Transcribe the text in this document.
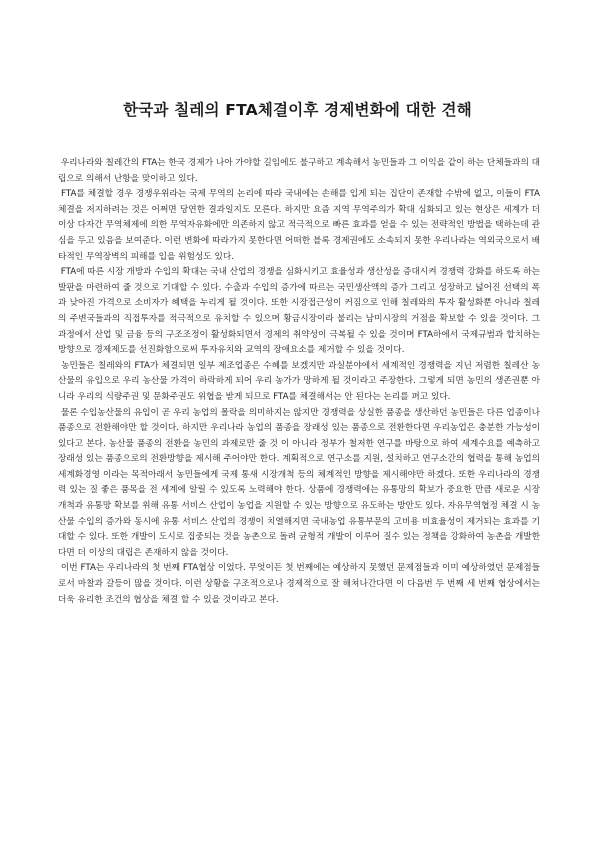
한국과 칠레의 FTA체결이후 경제변화에 대한 견해

우리나라와 칠레간의 FTA는 한국 경제가 나아 가야할 길임에도 불구하고 계속해서 농민들과 그 이익을 같이 하는 단체들과의 대립으로 의해서 난항을 맞이하고 있다.

FTA를 체결할 경우 경쟁우위라는 국제 무역의 논리에 따라 국내에는 손해를 입게 되는 집단이 존재할 수밖에 없고, 이들이 FTA체결을 저지하려는 것은 어쩌면 당연한 결과일지도 모른다. 하지만 요즘 지역 무역주의가 확대 심화되고 있는 현상은 세계가 더 이상 다자간 무역체제에 의한 무역자유화에만 의존하지 않고 적극적으로 빠른 효과를 얻을 수 있는 전략적인 방법을 택하는데 관심을 두고 있음을 보여준다. 이런 변화에 따라가지 못한다면 어떠한 블록 경제권에도 소속되지 못한 우리나라는 역외국으로서 배타적인 무역장벽의 피해를 입을 위험성도 있다.

FTA에 따른 시장 개방과 수입의 확대는 국내 산업의 경쟁을 심화시키고 효율성과 생산성을 증대시켜 경쟁력 강화를 하도록 하는 발판을 마련하여 줄 것으로 기대할 수 있다. 수출과 수입의 증가에 따르는 국민생산액의 증가 그리고 성장하고 넓어진 선택의 폭과 낮아진 가격으로 소비자가 혜택을 누리게 될 것이다. 또한 시장접근성이 커짐으로 인해 칠레와의 투자 활성화뿐 아니라 칠레의 주변국들과의 직접투자를 적극적으로 유치할 수 있으며 황금시장이라 불리는 남미시장의 거점을 확보할 수 있을 것이다. 그 과정에서 산업 및 금융 등의 구조조정이 활성화되면서 경제의 취약성이 극복될 수 있을 것이며 FTA하에서 국제규범과 합치하는 방향으로 경제제도를 선진화함으로써 투자유치와 교역의 장애요소를 제거할 수 있을 것이다.

농민들은 칠레와의 FTA가 체결되면 일부 제조업종은 수혜를 보겠지만 과실분야에서 세계적인 경쟁력을 지닌 저렴한 칠레산 농산물의 유입으로 우리 농산물 가격이 하락하게 되어 우리 농가가 망하게 될 것이라고 주장한다. 그렇게 되면 농민의 생존권뿐 아니라 우리의 식량주권 및 문화주권도 위협을 받게 되므로 FTA를 체결해서는 안 된다는 논리를 펴고 있다.

물론 수입농산물의 유입이 곧 우리 농업의 몰락을 의미하지는 않지만 경쟁력을 상실한 품종을 생산하던 농민들은 다른 업종이나 품종으로 전환해야만 할 것이다. 하지만 우리나라 농업의 품종을 장래성 있는 품종으로 전환한다면 우리농업은 충분한 가능성이 있다고 본다. 농산물 품종의 전환을 농민의 과제로만 줄 것 이 아니라 정부가 철저한 연구를 바탕으로 하여 세계수요를 예측하고 장래성 있는 품종으로의 전환방향을 제시해 주어야만 한다. 계획적으로 연구소를 지원, 설치하고 연구소간의 협력을 통해 농업의 세계화경영 이라는 목적아래서 농민들에게 국제 통새 시장개척 등의 체계적인 방향을 제시해야만 하겠다. 또한 우리나라의 경쟁력 있는 질 좋은 품목을 전 세계에 알릴 수 있도록 노력해야 한다. 상품에 경쟁력에는 유통망의 확보가 중요한 만큼 새로운 시장 개척과 유통망 확보를 위해 유통 서비스 산업이 농업을 지원할 수 있는 방향으로 유도하는 방안도 있다. 자유무역협정 체결 시 농산물 수입의 증가와 동시에 유통 서비스 산업의 경쟁이 치열해지면 국내농업 유통부문의 고비용 비효율성이 제거되는 효과를 기대할 수 있다. 또한 개발이 도시로 집중되는 것을 농촌으로 돌려 균형적 개발이 이루어 질수 있는 정책을 강화하여 농촌을 개발한다면 더 이상의 대립은 존재하지 않을 것이다.

이번 FTA는 우리나라의 첫 번째 FTA협상 이었다. 무엇이든 첫 번째에는 예상하지 못했던 문제점들과 이미 예상하였던 문제점들로서 마찰과 갈등이 많을 것이다. 이런 상황을 구조적으로나 경제적으로 잘 해쳐나간다면 이 다음번 두 번째 세 번째 협상에서는 더욱 유리한 조건의 협상을 체결 할 수 있을 것이라고 본다.
